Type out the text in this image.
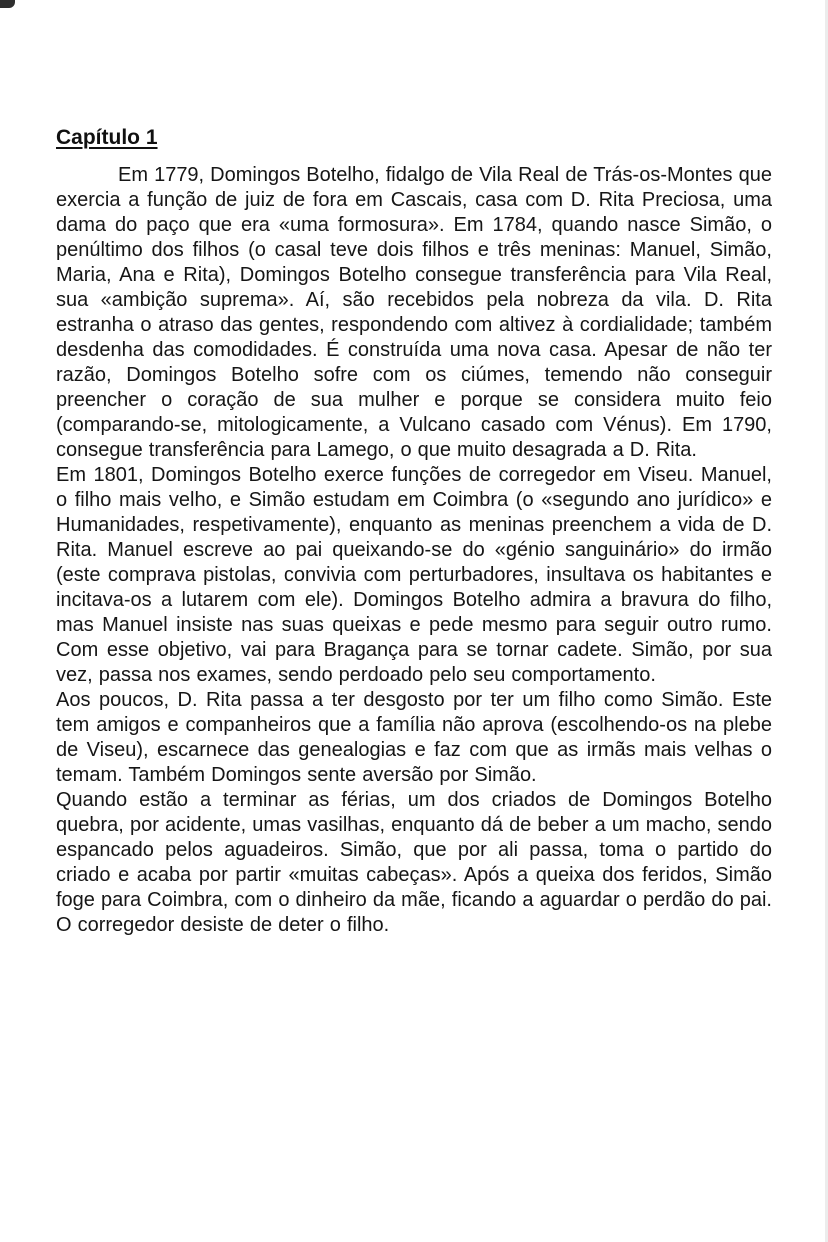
Capítulo 1

Em 1779, Domingos Botelho, fidalgo de Vila Real de Trás-os-Montes que exercia a função de juiz de fora em Cascais, casa com D. Rita Preciosa, uma dama do paço que era «uma formosura». Em 1784, quando nasce Simão, o penúltimo dos filhos (o casal teve dois filhos e três meninas: Manuel, Simão, Maria, Ana e Rita), Domingos Botelho consegue transferência para Vila Real, sua «ambição suprema». Aí, são recebidos pela nobreza da vila. D. Rita estranha o atraso das gentes, respondendo com altivez à cordialidade; também desdenha das comodidades. É construída uma nova casa. Apesar de não ter razão, Domingos Botelho sofre com os ciúmes, temendo não conseguir preencher o coração de sua mulher e porque se considera muito feio (comparando-se, mitologicamente, a Vulcano casado com Vénus). Em 1790, consegue transferência para Lamego, o que muito desagrada a D. Rita.

Em 1801, Domingos Botelho exerce funções de corregedor em Viseu. Manuel, o filho mais velho, e Simão estudam em Coimbra (o «segundo ano jurídico» e Humanidades, respetivamente), enquanto as meninas preenchem a vida de D. Rita. Manuel escreve ao pai queixando-se do «génio sanguinário» do irmão (este comprava pistolas, convivia com perturbadores, insultava os habitantes e incitava-os a lutarem com ele). Domingos Botelho admira a bravura do filho, mas Manuel insiste nas suas queixas e pede mesmo para seguir outro rumo. Com esse objetivo, vai para Bragança para se tornar cadete. Simão, por sua vez, passa nos exames, sendo perdoado pelo seu comportamento.

Aos poucos, D. Rita passa a ter desgosto por ter um filho como Simão. Este tem amigos e companheiros que a família não aprova (escolhendo-os na plebe de Viseu), escarnece das genealogias e faz com que as irmãs mais velhas o temam. Também Domingos sente aversão por Simão.

Quando estão a terminar as férias, um dos criados de Domingos Botelho quebra, por acidente, umas vasilhas, enquanto dá de beber a um macho, sendo espancado pelos aguadeiros. Simão, que por ali passa, toma o partido do criado e acaba por partir «muitas cabeças». Após a queixa dos feridos, Simão foge para Coimbra, com o dinheiro da mãe, ficando a aguardar o perdão do pai. O corregedor desiste de deter o filho.
